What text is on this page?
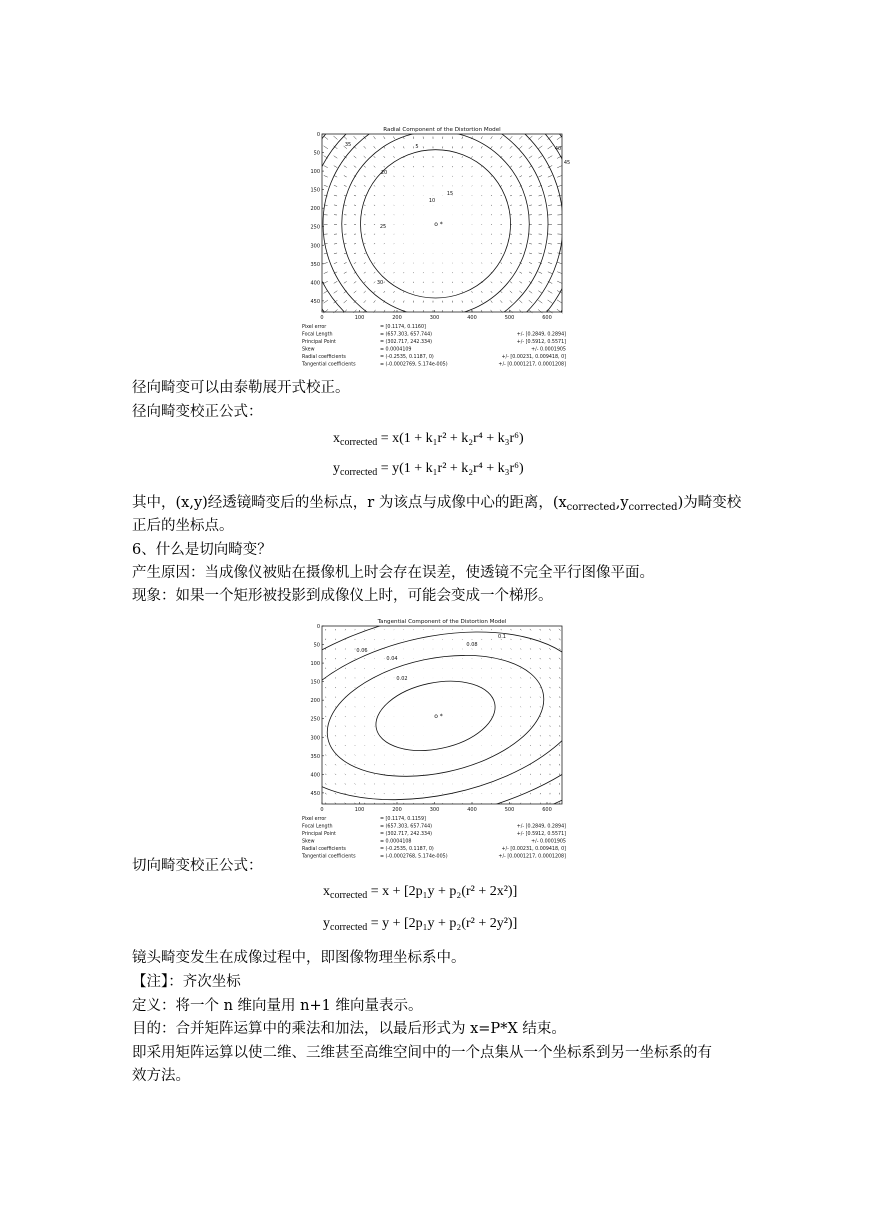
Radial Component of the Distortion Model
5
10
15
20
25
30
35
40
45
o *
0	100	200	300	400	500	600
0
50
100
150
200
250
300
350
400
450
Pixel error	= [0.1174, 0.1160]
Focal Length	= (657.303, 657.744)	+/- [0.2849, 0.2894]
Principal Point	= (302.717, 242.334)	+/- [0.5912, 0.5571]
Skew	= 0.0004109	+/- 0.0001905
Radial coefficients	= (-0.2535, 0.1187, 0)	+/- [0.00231, 0.009418, 0]
Tangential coefficients	= (-0.0002769, 5.174e-005)	+/- [0.0001217, 0.0001208]
径向畸变可以由泰勒展开式校正。
径向畸变校正公式：
$x_{corrected} = x(1 + k_1r^2 + k_2r^4 + k_3r^6)$
$y_{corrected} = y(1 + k_1r^2 + k_2r^4 + k_3r^6)$
其中，(x,y)经透镜畸变后的坐标点，r 为该点与成像中心的距离，$(x_{corrected},y_{corrected})$为畸变校
正后的坐标点。
6、什么是切向畸变？
产生原因：当成像仪被贴在摄像机上时会存在误差，使透镜不完全平行图像平面。
现象：如果一个矩形被投影到成像仪上时，可能会变成一个梯形。
Tangential Component of the Distortion Model
0.02
0.04
0.06
0.08
0.1
o *
0	100	200	300	400	500	600
0
50
100
150
200
250
300
350
400
450
Pixel error	= [0.1174, 0.1159]
Focal Length	= (657.303, 657.744)	+/- [0.2849, 0.2894]
Principal Point	= (302.717, 242.334)	+/- [0.5912, 0.5571]
Skew	= 0.0004108	+/- 0.0001905
Radial coefficients	= (-0.2535, 0.1187, 0)	+/- [0.00231, 0.009418, 0]
Tangential coefficients	= (-0.0002768, 5.174e-005)	+/- [0.0001217, 0.0001208]
切向畸变校正公式：
$x_{corrected} = x + [2p_1y + p_2(r^2 + 2x^2)]$
$y_{corrected} = y + [2p_1y + p_2(r^2 + 2y^2)]$
镜头畸变发生在成像过程中，即图像物理坐标系中。
【注】：齐次坐标
定义：将一个 n 维向量用 n+1 维向量表示。
目的：合并矩阵运算中的乘法和加法，以最后形式为 x=P*X 结束。
即采用矩阵运算以使二维、三维甚至高维空间中的一个点集从一个坐标系到另一坐标系的有
效方法。
